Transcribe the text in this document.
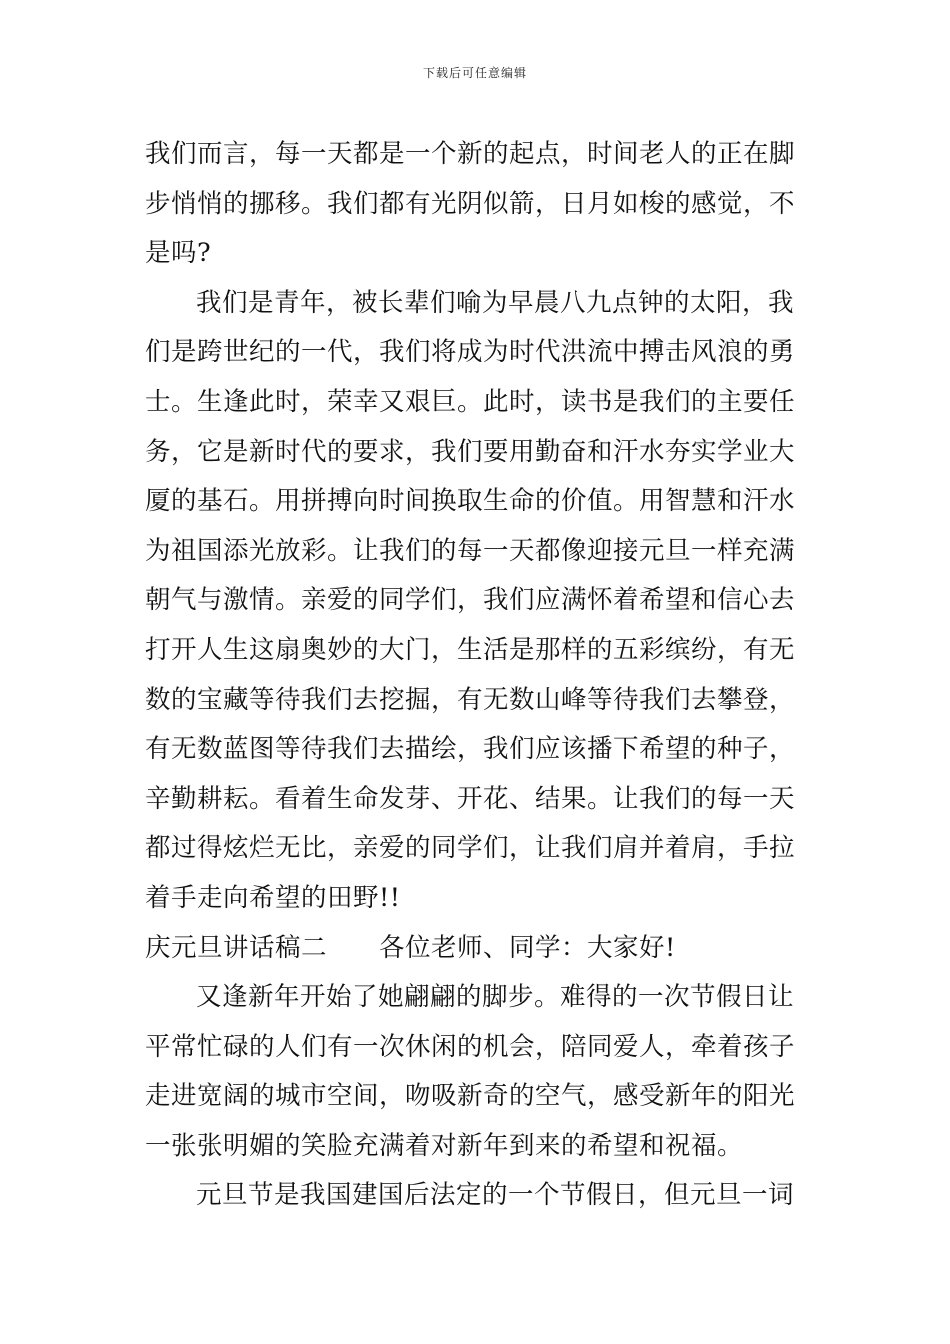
下载后可任意编辑
我们而言，每一天都是一个新的起点，时间老人的正在脚
步悄悄的挪移。我们都有光阴似箭，日月如梭的感觉，不
是吗?
我们是青年，被长辈们喻为早晨八九点钟的太阳，我
们是跨世纪的一代，我们将成为时代洪流中搏击风浪的勇
士。生逢此时，荣幸又艰巨。此时，读书是我们的主要任
务，它是新时代的要求，我们要用勤奋和汗水夯实学业大
厦的基石。用拼搏向时间换取生命的价值。用智慧和汗水
为祖国添光放彩。让我们的每一天都像迎接元旦一样充满
朝气与激情。亲爱的同学们，我们应满怀着希望和信心去
打开人生这扇奥妙的大门，生活是那样的五彩缤纷，有无
数的宝藏等待我们去挖掘，有无数山峰等待我们去攀登，
有无数蓝图等待我们去描绘，我们应该播下希望的种子，
辛勤耕耘。看着生命发芽、开花、结果。让我们的每一天
都过得炫烂无比，亲爱的同学们，让我们肩并着肩，手拉
着手走向希望的田野!!
庆元旦讲话稿二 各位老师、同学：大家好!
又逢新年开始了她翩翩的脚步。难得的一次节假日让
平常忙碌的人们有一次休闲的机会，陪同爱人，牵着孩子
走进宽阔的城市空间，吻吸新奇的空气，感受新年的阳光
一张张明媚的笑脸充满着对新年到来的希望和祝福。
元旦节是我国建国后法定的一个节假日，但元旦一词
